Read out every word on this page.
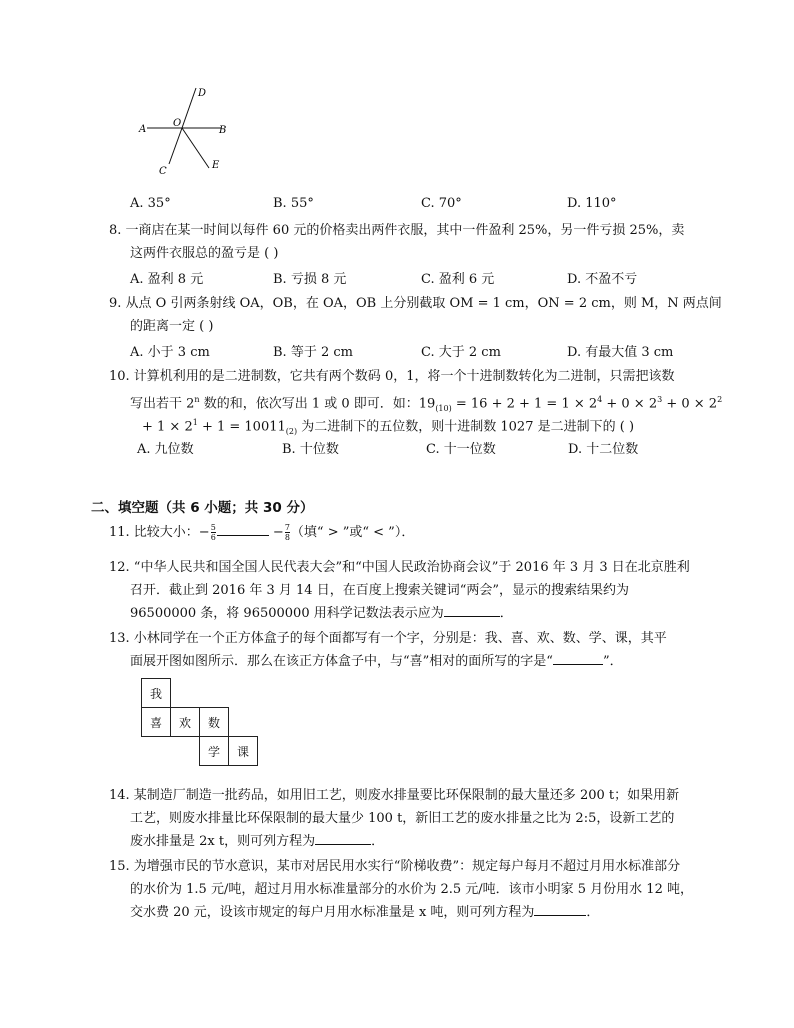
D
O
A	B
C
E
A. 35°	B. 55°	C. 70°	D. 110°
8. 一商店在某一时间以每件 60 元的价格卖出两件衣服，其中一件盈利 25%，另一件亏损 25%，卖
这两件衣服总的盈亏是 ( )
A. 盈利 8 元	B. 亏损 8 元	C. 盈利 6 元	D. 不盈不亏
9. 从点 O 引两条射线 OA，OB，在 OA，OB 上分别截取 OM = 1 cm，ON = 2 cm，则 M，N 两点间
的距离一定 ( )
A. 小于 3 cm	B. 等于 2 cm	C. 大于 2 cm	D. 有最大值 3 cm
10. 计算机利用的是二进制数，它共有两个数码 0，1，将一个十进制数转化为二进制，只需把该数
写出若干 2$^n$ 数的和，依次写出 1 或 0 即可．如：$19_{(10)} = 16 + 2 + 1 = 1 \times 2^4 + 0 \times 2^3 + 0 \times 2^2$
+ $1 \times 2^1 + 1 = 10011_{(2)}$ 为二进制下的五位数，则十进制数 1027 是二进制下的 ( )
A. 九位数	B. 十位数	C. 十一位数	D. 十二位数
二、填空题（共 6 小题；共 30 分）
11. 比较大小：− $\frac{5}{6}$	− $\frac{7}{8}$ （填“ > ”或“ < ”）．
12. “中华人民共和国全国人民代表大会”和“中国人民政治协商会议”于 2016 年 3 月 3 日在北京胜利
召开．截止到 2016 年 3 月 14 日，在百度上搜索关键词“两会”，显示的搜索结果约为
96500000 条，将 96500000 用科学记数法表示应为	．
13. 小林同学在一个正方体盒子的每个面都写有一个字，分别是：我、喜、欢、数、学、课，其平
面展开图如图所示．那么在该正方体盒子中，与“喜”相对的面所写的字是“	”．
我
喜	欢	数
学	课
14. 某制造厂制造一批药品，如用旧工艺，则废水排量要比环保限制的最大量还多 200 t；如果用新
工艺，则废水排量比环保限制的最大量少 100 t，新旧工艺的废水排量之比为 2:5，设新工艺的
废水排量是 2x t，则可列方程为	．
15. 为增强市民的节水意识，某市对居民用水实行“阶梯收费”：规定每户每月不超过月用水标准部分
的水价为 1.5 元/吨，超过月用水标准量部分的水价为 2.5 元/吨．该市小明家 5 月份用水 12 吨，
交水费 20 元，设该市规定的每户月用水标准量是 x 吨，则可列方程为	．
